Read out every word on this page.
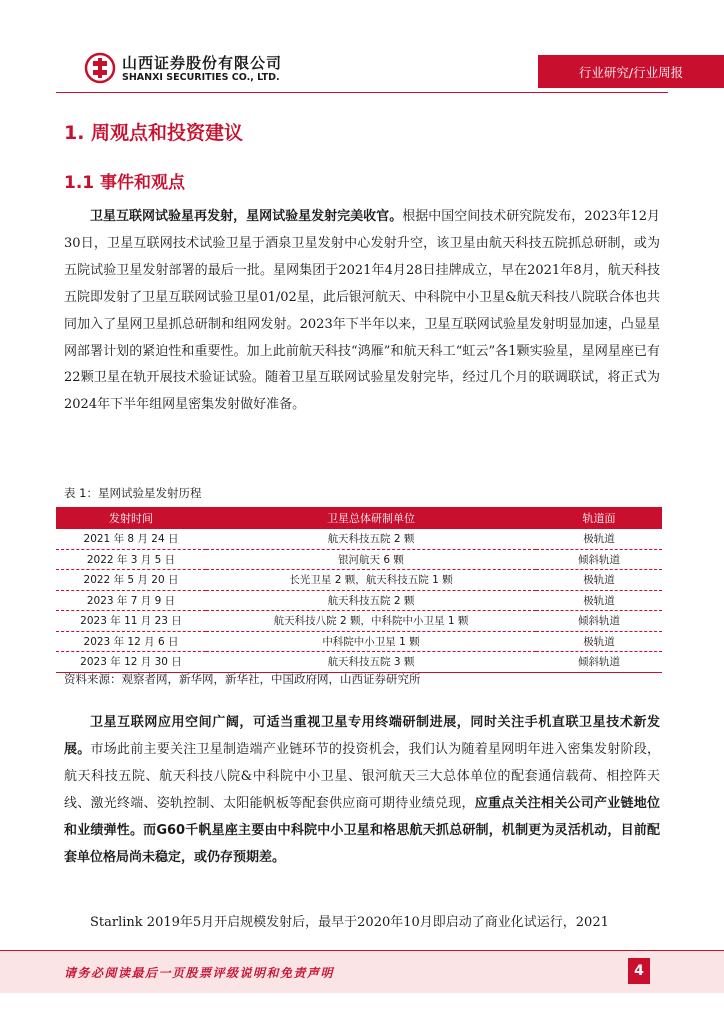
山西证券股份有限公司
SHANXI SECURITIES CO., LTD.	行业研究/行业周报
1. 周观点和投资建议
1.1 事件和观点
卫星互联网试验星再发射，星网试验星发射完美收官。根据中国空间技术研究院发布，2023年12月30日，卫星互联网技术试验卫星于酒泉卫星发射中心发射升空，该卫星由航天科技五院抓总研制，或为五院试验卫星发射部署的最后一批。星网集团于2021年4月28日挂牌成立，早在2021年8月，航天科技五院即发射了卫星互联网试验卫星01/02星，此后银河航天、中科院中小卫星&航天科技八院联合体也共同加入了星网卫星抓总研制和组网发射。2023年下半年以来，卫星互联网试验星发射明显加速，凸显星网部署计划的紧迫性和重要性。加上此前航天科技“鸿雁”和航天科工“虹云”各1颗实验星，星网星座已有22颗卫星在轨开展技术验证试验。随着卫星互联网试验星发射完毕，经过几个月的联调联试，将正式为2024年下半年组网星密集发射做好准备。
表 1：星网试验星发射历程
发射时间	卫星总体研制单位	轨道面
2021 年 8 月 24 日	航天科技五院 2 颗	极轨道
2022 年 3 月 5 日	银河航天 6 颗	倾斜轨道
2022 年 5 月 20 日	长光卫星 2 颗，航天科技五院 1 颗	极轨道
2023 年 7 月 9 日	航天科技五院 2 颗	极轨道
2023 年 11 月 23 日	航天科技八院 2 颗，中科院中小卫星 1 颗	倾斜轨道
2023 年 12 月 6 日	中科院中小卫星 1 颗	极轨道
2023 年 12 月 30 日	航天科技五院 3 颗	倾斜轨道
资料来源：观察者网，新华网，新华社，中国政府网，山西证券研究所
卫星互联网应用空间广阔，可适当重视卫星专用终端研制进展，同时关注手机直联卫星技术新发展。市场此前主要关注卫星制造端产业链环节的投资机会，我们认为随着星网明年进入密集发射阶段，航天科技五院、航天科技八院&中科院中小卫星、银河航天三大总体单位的配套通信载荷、相控阵天线、激光终端、姿轨控制、太阳能帆板等配套供应商可期待业绩兑现，应重点关注相关公司产业链地位和业绩弹性。而G60千帆星座主要由中科院中小卫星和格思航天抓总研制，机制更为灵活机动，目前配套单位格局尚未稳定，或仍存预期差。
Starlink 2019年5月开启规模发射后，最早于2020年10月即启动了商业化试运行，2021
请务必阅读最后一页股票评级说明和免责声明	4
